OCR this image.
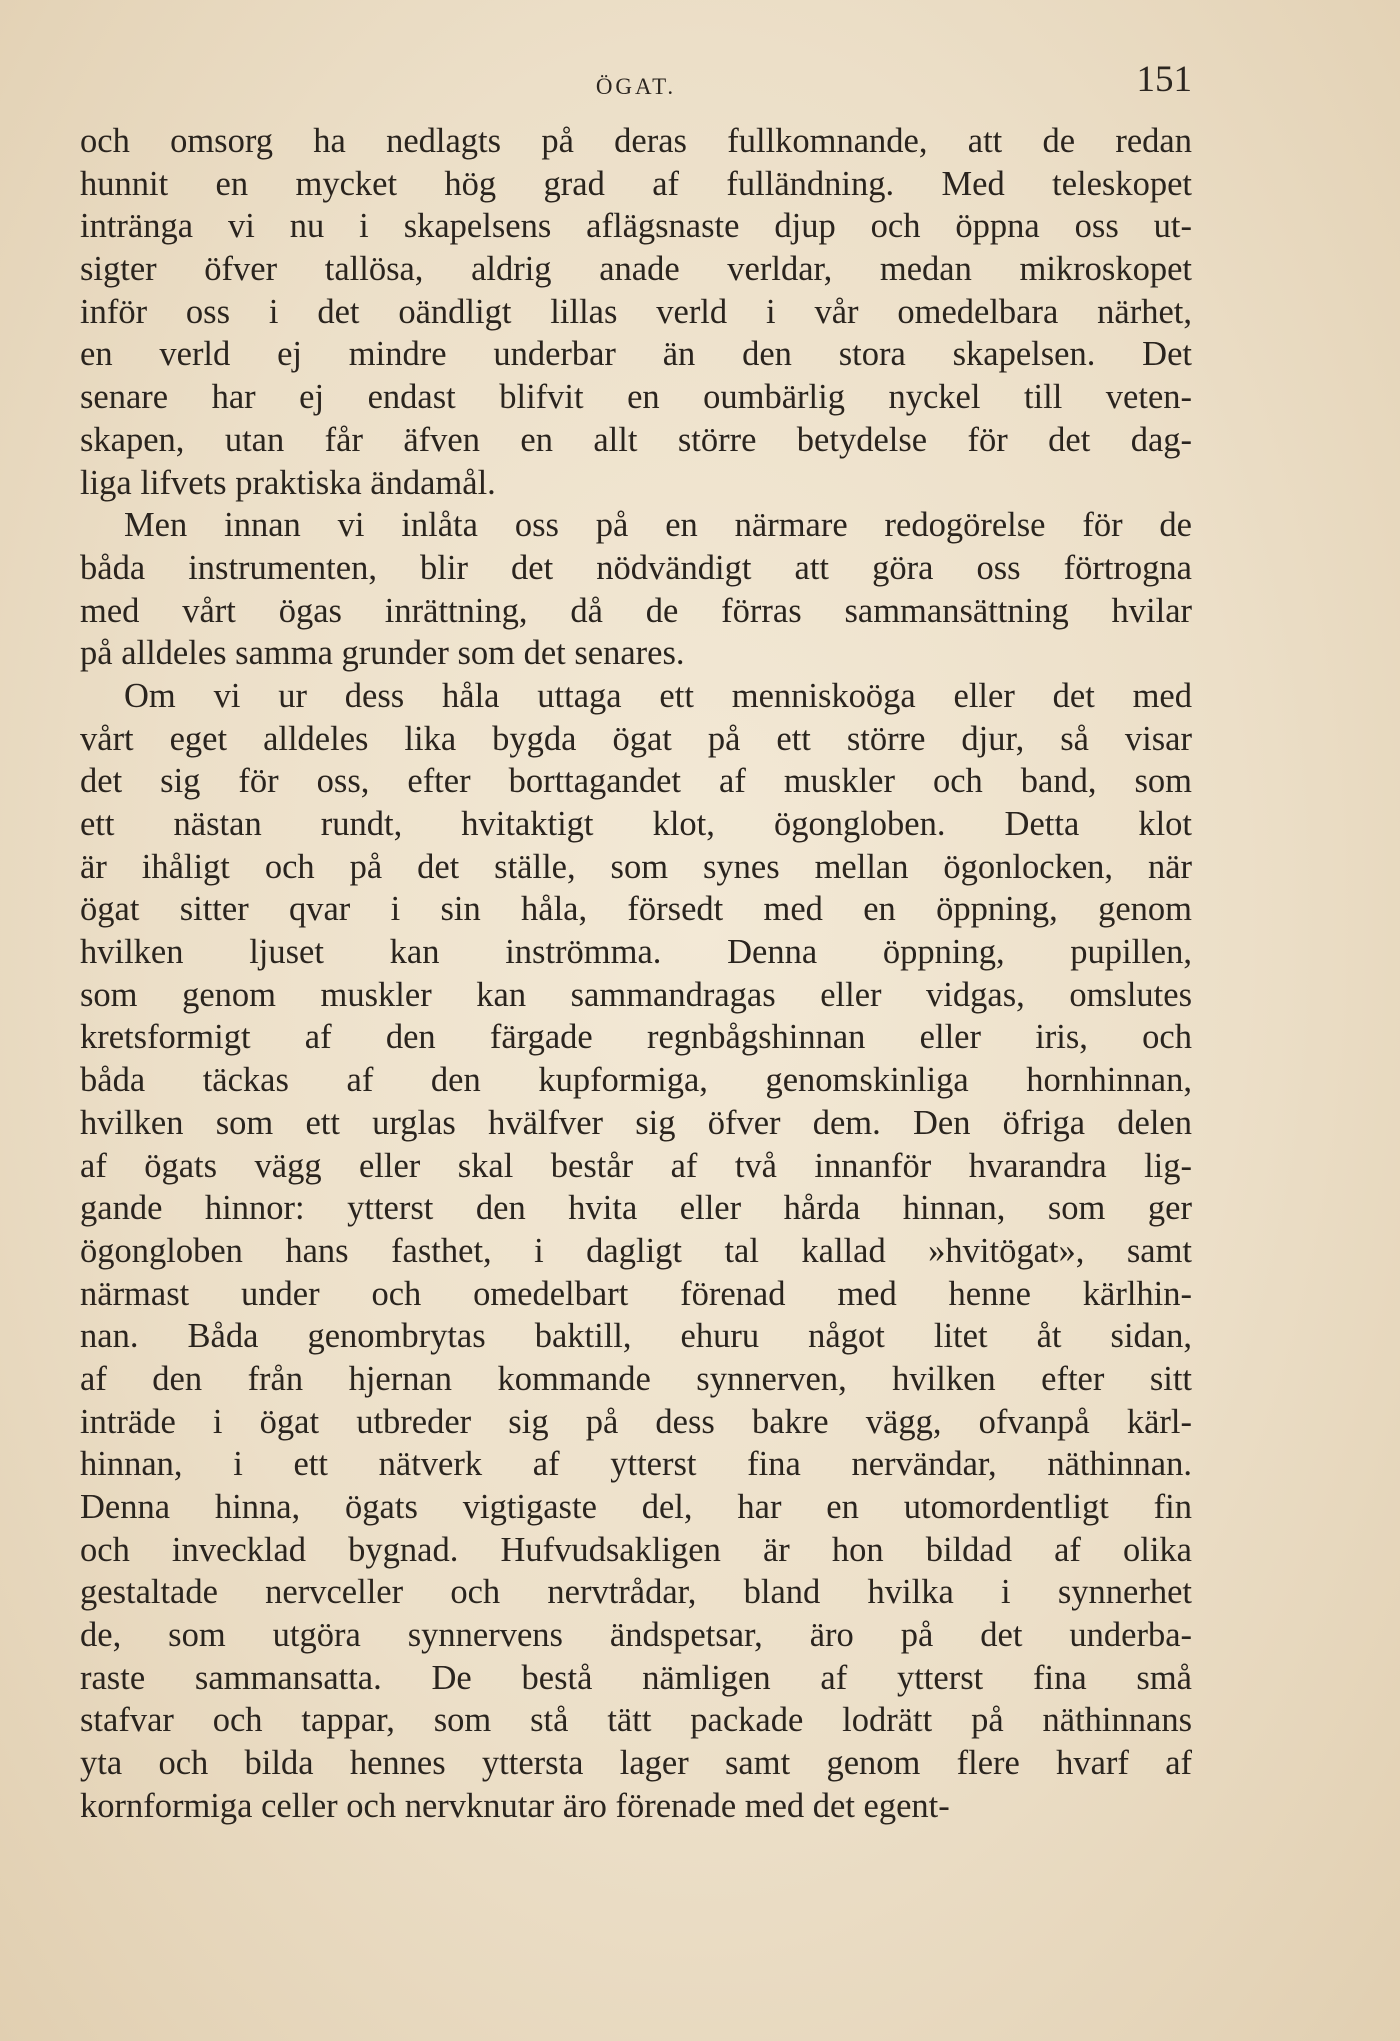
ÖGAT.	151
och omsorg ha nedlagts på deras fullkomnande, att de redan
hunnit en mycket hög grad af fulländning. Med teleskopet
intränga vi nu i skapelsens aflägsnaste djup och öppna oss ut-
sigter öfver tallösa, aldrig anade verldar, medan mikroskopet
inför oss i det oändligt lillas verld i vår omedelbara närhet,
en verld ej mindre underbar än den stora skapelsen. Det
senare har ej endast blifvit en oumbärlig nyckel till veten-
skapen, utan får äfven en allt större betydelse för det dag-
liga lifvets praktiska ändamål.
Men innan vi inlåta oss på en närmare redogörelse för de
båda instrumenten, blir det nödvändigt att göra oss förtrogna
med vårt ögas inrättning, då de förras sammansättning hvilar
på alldeles samma grunder som det senares.
Om vi ur dess håla uttaga ett menniskoöga eller det med
vårt eget alldeles lika bygda ögat på ett större djur, så visar
det sig för oss, efter borttagandet af muskler och band, som
ett nästan rundt, hvitaktigt klot, ögongloben. Detta klot
är ihåligt och på det ställe, som synes mellan ögonlocken, när
ögat sitter qvar i sin håla, försedt med en öppning, genom
hvilken ljuset kan inströmma. Denna öppning, pupillen,
som genom muskler kan sammandragas eller vidgas, omslutes
kretsformigt af den färgade regnbågshinnan eller iris, och
båda täckas af den kupformiga, genomskinliga hornhinnan,
hvilken som ett urglas hvälfver sig öfver dem. Den öfriga delen
af ögats vägg eller skal består af två innanför hvarandra lig-
gande hinnor: ytterst den hvita eller hårda hinnan, som ger
ögongloben hans fasthet, i dagligt tal kallad »hvitögat», samt
närmast under och omedelbart förenad med henne kärlhin-
nan. Båda genombrytas baktill, ehuru något litet åt sidan,
af den från hjernan kommande synnerven, hvilken efter sitt
inträde i ögat utbreder sig på dess bakre vägg, ofvanpå kärl-
hinnan, i ett nätverk af ytterst fina nervändar, näthinnan.
Denna hinna, ögats vigtigaste del, har en utomordentligt fin
och invecklad bygnad. Hufvudsakligen är hon bildad af olika
gestaltade nervceller och nervtrådar, bland hvilka i synnerhet
de, som utgöra synnervens ändspetsar, äro på det underba-
raste sammansatta. De bestå nämligen af ytterst fina små
stafvar och tappar, som stå tätt packade lodrätt på näthinnans
yta och bilda hennes yttersta lager samt genom flere hvarf af
kornformiga celler och nervknutar äro förenade med det egent-
